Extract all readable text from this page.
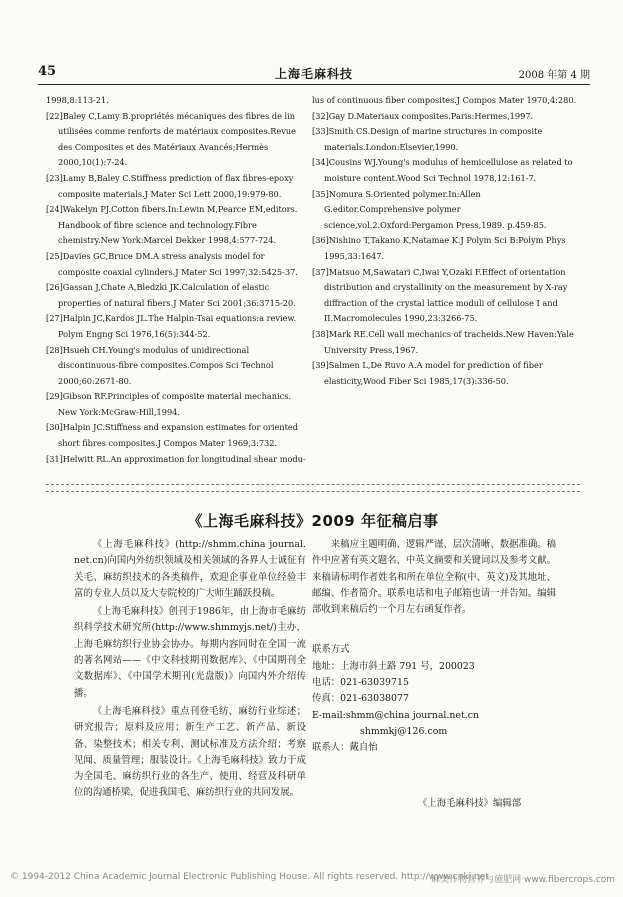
45	上海毛麻科技	2008 年第 4 期
1998,8:113-21.
[22]Baley C,Lamy B.propriétés mécaniques des fibres de lin utilisées comme renforts de matériaux composites.Revue des Composites et des Matériaux Avancés;Hermès 2000,10(1):7-24.
[23]Lamy B,Baley C.Stiffness prediction of flax fibres-epoxy composite materials.J Mater Sci Lett 2000,19:979-80.
[24]Wakelyn PJ.Cotton fibers.In:Lewin M,Pearce EM,editors. Handbook of fibre science and technology.Fibre chemistry.New York:Marcel Dekker 1998,4:577-724.
[25]Davies GC,Bruce DM.A stress analysis model for composite coaxial cylinders.J Mater Sci 1997;32:5425-37.
[26]Gassan J,Chate A,Bledzki JK.Calculation of elastic properties of natural fibers.J Mater Sci 2001;36:3715-20.
[27]Halpin JC,Kardos JL.The Halpin-Tsai equations:a review. Polym Engng Sci 1976,16(5):344-52.
[28]Hsueh CH.Young's modulus of unidirectional discontinuous-fibre composites.Compos Sci Technol 2000;60:2671-80.
[29]Gibson RF.Principles of composite material mechanics. New York:McGraw-Hill,1994.
[30]Halpin JC.Stiffness and expansion estimates for oriented short fibres composites.J Compos Mater 1969,3:732.
[31]Helwitt RL.An approximation for longitudinal shear modu-
lus of continuous fiber composites.J Compos Mater 1970,4:280.
[32]Gay D.Materiaux composites.Paris:Hermes,1997.
[33]Smith CS.Design of marine structures in composite materials.London:Elsevier,1990.
[34]Cousins WJ.Young's modulus of hemicellulose as related to moisture content.Wood Sci Technol 1978,12:161-7.
[35]Nomura S.Oriented polymer.In:Allen G.editor.Comprehensive polymer science,vol.2.Oxford:Pergamon Press,1989. p.459-85.
[36]Nishino T,Takano K,Natamae K.J Polym Sci B:Polym Phys 1995,33:1647.
[37]Matsuo M,Sawatari C,Iwai Y,Ozaki F.Effect of orientation distribution and crystallinity on the measurement by X-ray diffraction of the crystal lattice moduli of cellulose I and II.Macromolecules 1990,23:3266-75.
[38]Mark RE.Cell wall mechanics of tracheids.New Haven:Yale University Press,1967.
[39]Salmen L,De Ruvo A.A model for prediction of fiber elasticity,Wood Fiber Sci 1985,17(3):336-50.
《上海毛麻科技》2009 年征稿启事

《上海毛麻科技》(http://shmm.china journal. net.cn)向国内外纺织领域及相关领域的各界人士诚征有关毛、麻纺织技术的各类稿件，欢迎企事业单位经验丰富的专业人员以及大专院校的广大师生踊跃投稿。

《上海毛麻科技》创刊于1986年，由上海市毛麻纺织科学技术研究所(http://www.shmmyjs.net/)主办，上海毛麻纺织行业协会协办。每期内容同时在全国一流的著名网站——《中文科技期刊数据库》、《中国期刊全文数据库》、《中国学术期刊(光盘版)》向国内外介绍传播。

《上海毛麻科技》重点刊登毛纺、麻纺行业综述；研究报告；原料及应用；新生产工艺、新产品、新设备、染整技术；相关专利、测试标准及方法介绍；考察见闻、质量管理；服装设计。《上海毛麻科技》致力于成为全国毛、麻纺织行业的各生产、使用、经营及科研单位的沟通桥梁，促进我国毛、麻纺织行业的共同发展。

来稿应主题明确、逻辑严谨、层次清晰、数据准确。稿件中应著有英文题名、中英文摘要和关键词以及参考文献。来稿请标明作者姓名和所在单位全称(中、英文)及其地址、邮编、作者简介。联系电话和电子邮箱也请一并告知。编辑部收到来稿后约一个月左右函复作者。

联系方式
地址：上海市斜土路 791 号，200023
电话：021-63039715
传真：021-63038077
E-mail:shmm@china journal.net.cn
shmmkj@126.com
联系人：戴自怡
《上海毛麻科技》编辑部
© 1994-2012 China Academic Journal Electronic Publishing House. All rights reserved. http://www.cnki.net
麻类作物营养与施肥网 www.fibercrops.com
